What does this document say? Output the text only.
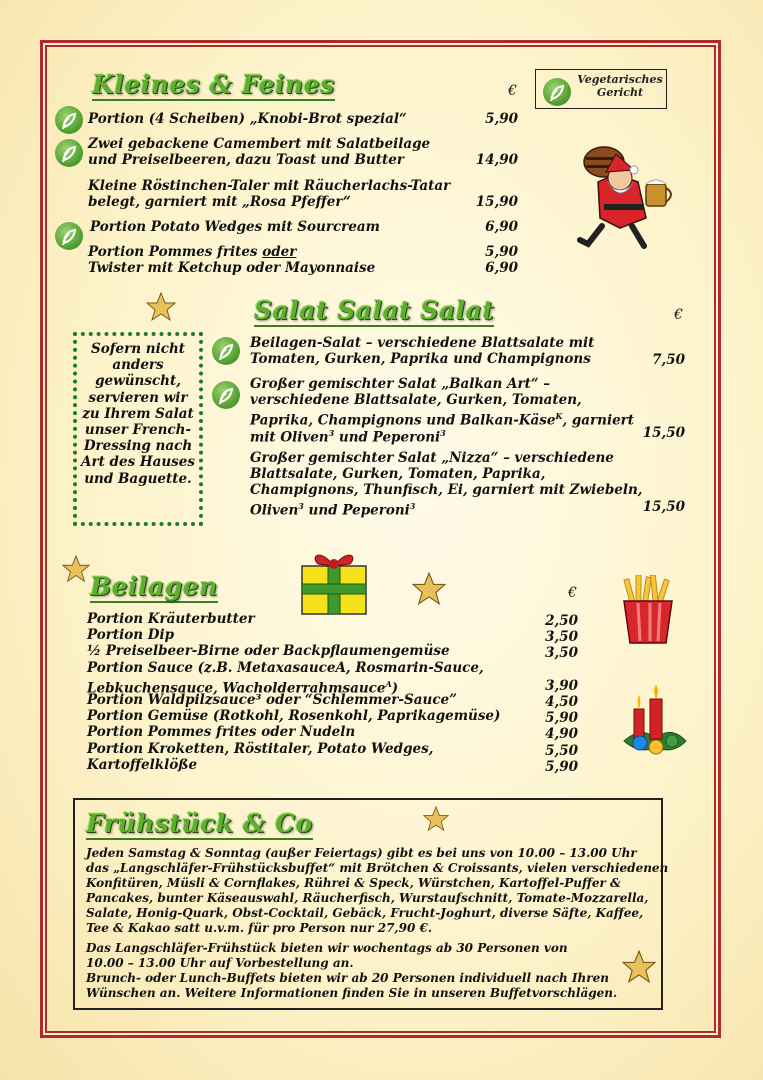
Kleines & Feines	€
Vegetarisches Gericht
Portion (4 Scheiben) „Knobi-Brot spezial“	5,90
Zwei gebackene Camembert mit Salatbeilage
und Preiselbeeren, dazu Toast und Butter	14,90
Kleine Röstinchen-Taler mit Räucherlachs-Tatar
belegt, garniert mit „Rosa Pfeffer“	15,90
Portion Potato Wedges mit Sourcream	6,90
Portion Pommes frites oder	5,90
Twister mit Ketchup oder Mayonnaise	6,90
Salat Salat Salat	€
Sofern nicht anders gewünscht, servieren wir zu Ihrem Salat unser French-Dressing nach Art des Hauses und Baguette.
Beilagen-Salat – verschiedene Blattsalate mit
Tomaten, Gurken, Paprika und Champignons	7,50
Großer gemischter Salat „Balkan Art“ –
verschiedene Blattsalate, Gurken, Tomaten,
Paprika, Champignons und Balkan-Käse$^K$, garniert
mit Oliven$^3$ und Peperoni$^3$	15,50
Großer gemischter Salat „Nizza“ – verschiedene
Blattsalate, Gurken, Tomaten, Paprika,
Champignons, Thunfisch, Ei, garniert mit Zwiebeln,
Oliven$^3$ und Peperoni$^3$	15,50
Beilagen	€
Portion Kräuterbutter	2,50
Portion Dip	3,50
½ Preiselbeer-Birne oder Backpflaumengemüse	3,50
Portion Sauce (z.B. MetaxasauceA, Rosmarin-Sauce,
Lebkuchensauce, Wacholderrahmsauce$^A$)	3,90
Portion Waldpilzsauce³ oder “Schlemmer-Sauce”	4,50
Portion Gemüse (Rotkohl, Rosenkohl, Paprikagemüse)	5,90
Portion Pommes frites oder Nudeln	4,90
Portion Kroketten, Röstitaler, Potato Wedges,	5,50
Kartoffelklöße	5,90
Frühstück & Co
Jeden Samstag & Sonntag (außer Feiertags) gibt es bei uns von 10.00 – 13.00 Uhr
das „Langschläfer-Frühstücksbuffet“ mit Brötchen & Croissants, vielen verschiedenen
Konfitüren, Müsli & Cornflakes, Rührei & Speck, Würstchen, Kartoffel-Puffer &
Pancakes, bunter Käseauswahl, Räucherfisch, Wurstaufschnitt, Tomate-Mozzarella,
Salate, Honig-Quark, Obst-Cocktail, Gebäck, Frucht-Joghurt, diverse Säfte, Kaffee,
Tee & Kakao satt u.v.m. für pro Person nur 27,90 €.
Das Langschläfer-Frühstück bieten wir wochentags ab 30 Personen von
10.00 – 13.00 Uhr auf Vorbestellung an.
Brunch- oder Lunch-Buffets bieten wir ab 20 Personen individuell nach Ihren
Wünschen an. Weitere Informationen finden Sie in unseren Buffetvorschlägen.
